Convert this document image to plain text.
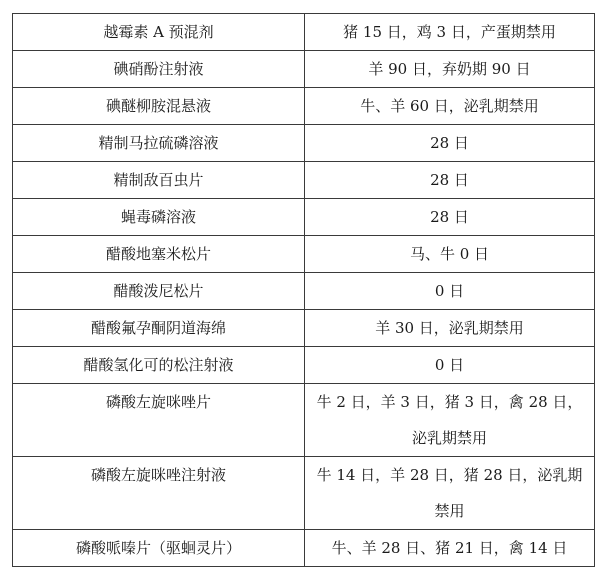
越霉素 A 预混剂	猪 15 日，鸡 3 日，产蛋期禁用
碘硝酚注射液	羊 90 日，弃奶期 90 日
碘醚柳胺混悬液	牛、羊 60 日，泌乳期禁用
精制马拉硫磷溶液	28 日
精制敌百虫片	28 日
蝇毒磷溶液	28 日
醋酸地塞米松片	马、牛 0 日
醋酸泼尼松片	0 日
醋酸氟孕酮阴道海绵	羊 30 日，泌乳期禁用
醋酸氢化可的松注射液	0 日
磷酸左旋咪唑片	牛 2 日，羊 3 日，猪 3 日，禽 28 日，泌乳期禁用
磷酸左旋咪唑注射液	牛 14 日，羊 28 日，猪 28 日，泌乳期禁用
磷酸哌嗪片（驱蛔灵片）	牛、羊 28 日、猪 21 日，禽 14 日
